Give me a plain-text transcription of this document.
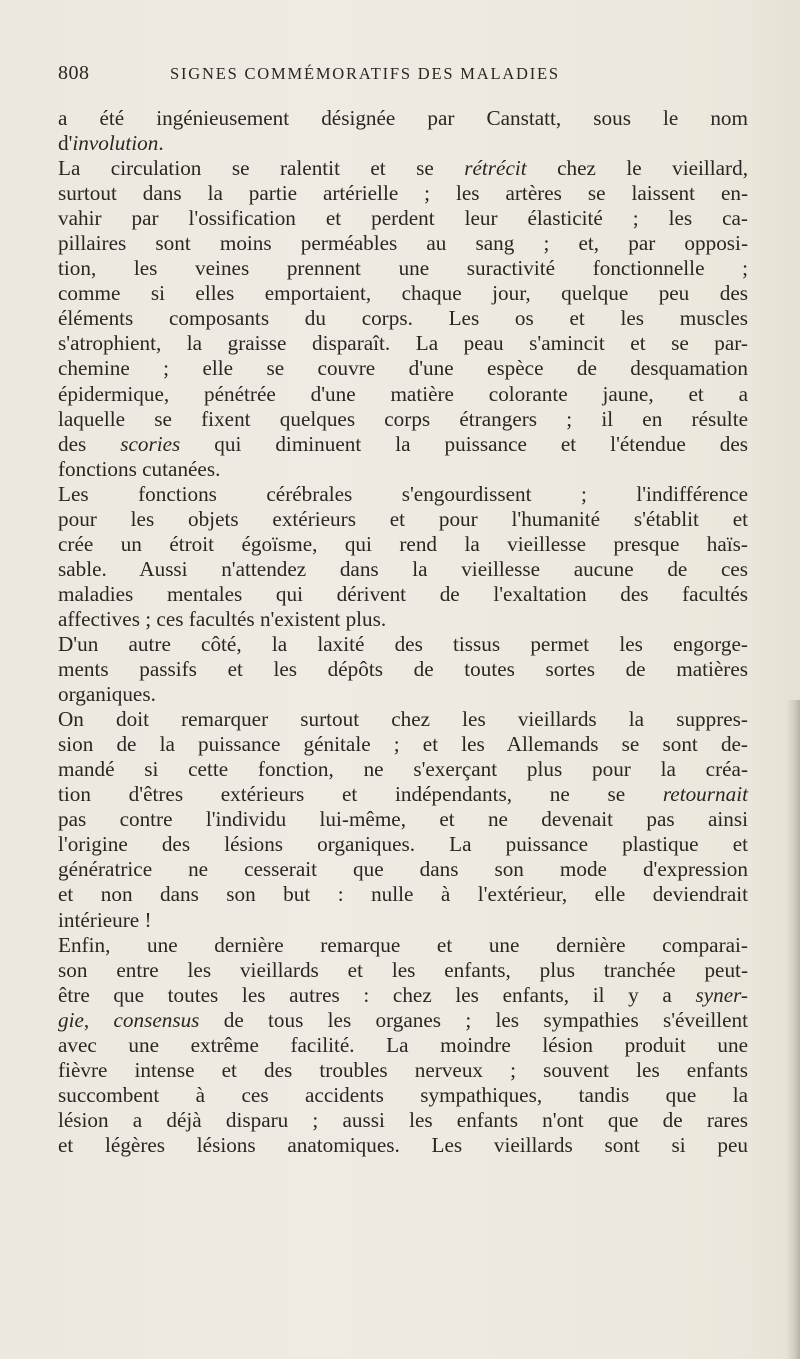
808	SIGNES COMMÉMORATIFS DES MALADIES
a été ingénieusement désignée par Canstatt, sous le nom
d'involution.
La circulation se ralentit et se rétrécit chez le vieillard,
surtout dans la partie artérielle ; les artères se laissent en-
vahir par l'ossification et perdent leur élasticité ; les ca-
pillaires sont moins perméables au sang ; et, par opposi-
tion, les veines prennent une suractivité fonctionnelle ;
comme si elles emportaient, chaque jour, quelque peu des
éléments composants du corps. Les os et les muscles
s'atrophient, la graisse disparaît. La peau s'amincit et se par-
chemine ; elle se couvre d'une espèce de desquamation
épidermique, pénétrée d'une matière colorante jaune, et a
laquelle se fixent quelques corps étrangers ; il en résulte
des scories qui diminuent la puissance et l'étendue des
fonctions cutanées.
Les fonctions cérébrales s'engourdissent ; l'indifférence
pour les objets extérieurs et pour l'humanité s'établit et
crée un étroit égoïsme, qui rend la vieillesse presque haïs-
sable. Aussi n'attendez dans la vieillesse aucune de ces
maladies mentales qui dérivent de l'exaltation des facultés
affectives ; ces facultés n'existent plus.
D'un autre côté, la laxité des tissus permet les engorge-
ments passifs et les dépôts de toutes sortes de matières
organiques.
On doit remarquer surtout chez les vieillards la suppres-
sion de la puissance génitale ; et les Allemands se sont de-
mandé si cette fonction, ne s'exerçant plus pour la créa-
tion d'êtres extérieurs et indépendants, ne se retournait
pas contre l'individu lui-même, et ne devenait pas ainsi
l'origine des lésions organiques. La puissance plastique et
génératrice ne cesserait que dans son mode d'expression
et non dans son but : nulle à l'extérieur, elle deviendrait
intérieure !
Enfin, une dernière remarque et une dernière comparai-
son entre les vieillards et les enfants, plus tranchée peut-
être que toutes les autres : chez les enfants, il y a syner-
gie, consensus de tous les organes ; les sympathies s'éveillent
avec une extrême facilité. La moindre lésion produit une
fièvre intense et des troubles nerveux ; souvent les enfants
succombent à ces accidents sympathiques, tandis que la
lésion a déjà disparu ; aussi les enfants n'ont que de rares
et légères lésions anatomiques. Les vieillards sont si peu
